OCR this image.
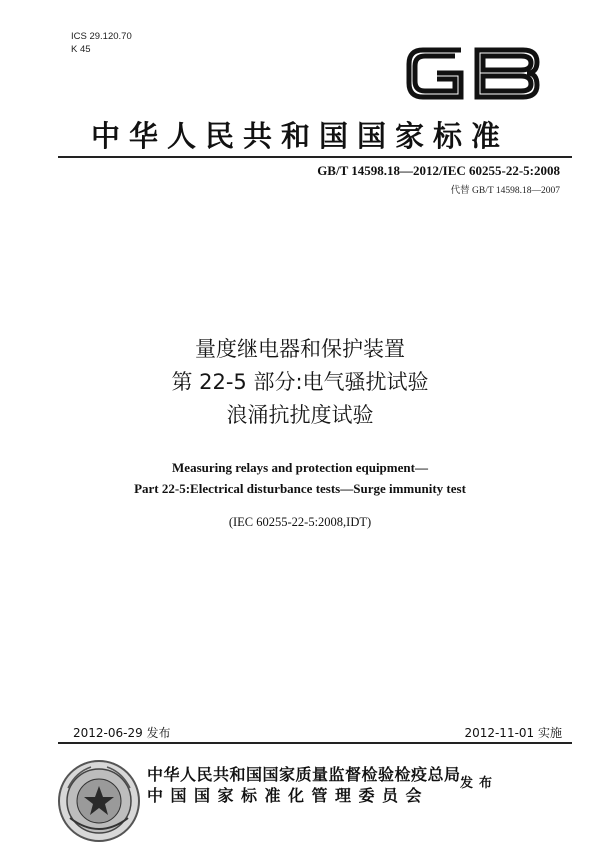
ICS 29.120.70
K 45
中华人民共和国国家标准
GB/T 14598.18—2012/IEC 60255-22-5:2008
代替 GB/T 14598.18—2007
量度继电器和保护装置
第 22-5 部分:电气骚扰试验
浪涌抗扰度试验
Measuring relays and protection equipment—
Part 22-5:Electrical disturbance tests—Surge immunity test
(IEC 60255-22-5:2008,IDT)
2012-06-29 发布	2012-11-01 实施
中华人民共和国国家质量监督检验检疫总局
中国国家标准化管理委员会
发布
